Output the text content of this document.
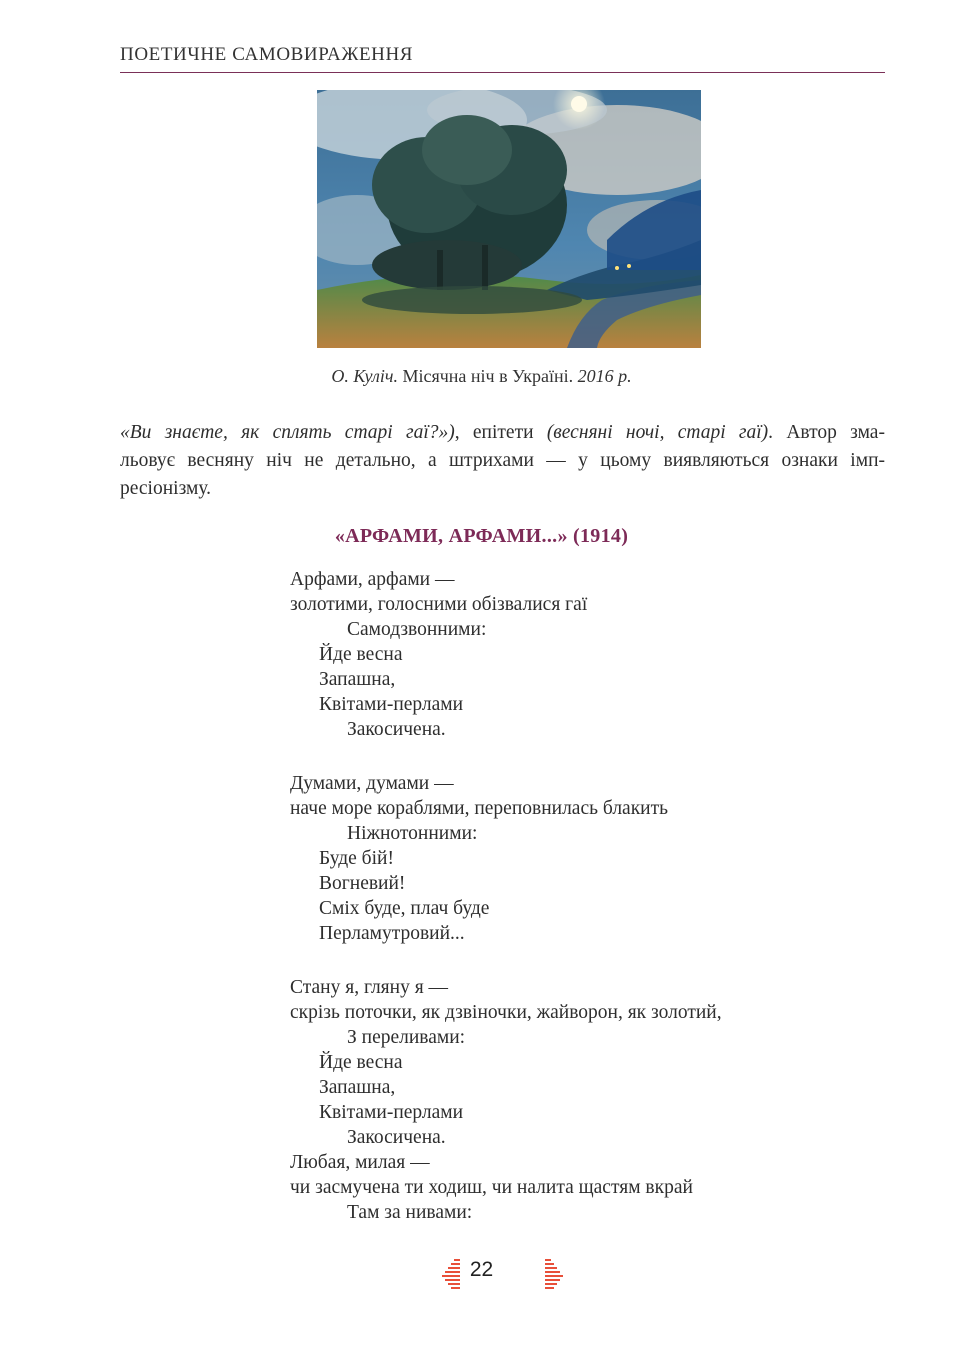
ПОЕТИЧНЕ САМОВИРАЖЕННЯ
О. Куліч. Місячна ніч в Україні. 2016 р.
«Ви знаєте, як сплять старі гаї?»), епітети (весняні ночі, старі гаї). Автор зма-
льовує весняну ніч не детально, а штрихами — у цьому виявляються ознаки імп-
ресіонізму.
«АРФАМИ, АРФАМИ...» (1914)
Арфами, арфами —
золотими, голосними обізвалися гаї
Самодзвонними:
Йде весна
Запашна,
Квітами-перлами
Закосичена.
Думами, думами —
наче море кораблями, переповнилась блакить
Ніжнотонними:
Буде бій!
Вогневий!
Сміх буде, плач буде
Перламутровий...
Стану я, гляну я —
скрізь поточки, як дзвіночки, жайворон, як золотий,
З переливами:
Йде весна
Запашна,
Квітами-перлами
Закосичена.
Любая, милая —
чи засмучена ти ходиш, чи налита щастям вкрай
Там за нивами:
22
